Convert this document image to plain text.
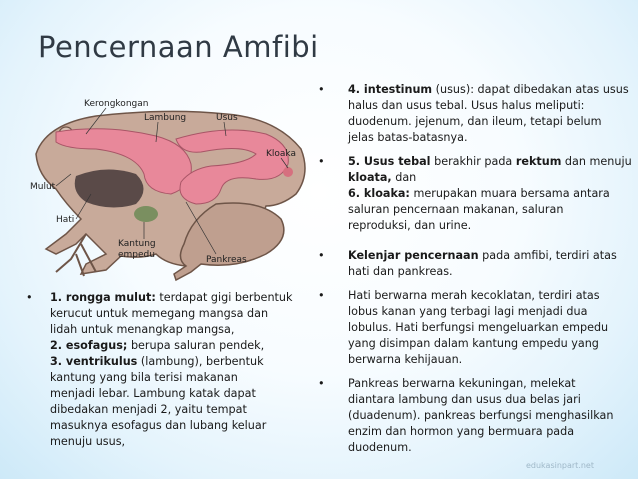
Pencernaan Amfibi
Kerongkongan
Lambung	Usus
Kloaka
Mulut
Hati
Kantung
empedu	Pankreas
• 1. rongga mulut: terdapat gigi berbentuk
kerucut untuk memegang mangsa dan
lidah untuk menangkap mangsa,
2. esofagus; berupa saluran pendek,
3. ventrikulus (lambung), berbentuk
kantung yang bila terisi makanan
menjadi lebar. Lambung katak dapat
dibedakan menjadi 2, yaitu tempat
masuknya esofagus dan lubang keluar
menuju usus,
• 4. intestinum (usus): dapat dibedakan atas usus
halus dan usus tebal. Usus halus meliputi:
duodenum. jejenum, dan ileum, tetapi belum
jelas batas-batasnya.
• 5. Usus tebal berakhir pada rektum dan menuju
kloata, dan
6. kloaka: merupakan muara bersama antara
saluran pencernaan makanan, saluran
reproduksi, dan urine.
• Kelenjar pencernaan pada amfibi, terdiri atas
hati dan pankreas.
• Hati berwarna merah kecoklatan, terdiri atas
lobus kanan yang terbagi lagi menjadi dua
lobulus. Hati berfungsi mengeluarkan empedu
yang disimpan dalam kantung empedu yang
berwarna kehijauan.
• Pankreas berwarna kekuningan, melekat
diantara lambung dan usus dua belas jari
(duadenum). pankreas berfungsi menghasilkan
enzim dan hormon yang bermuara pada
duodenum.
edukasinpart.net
